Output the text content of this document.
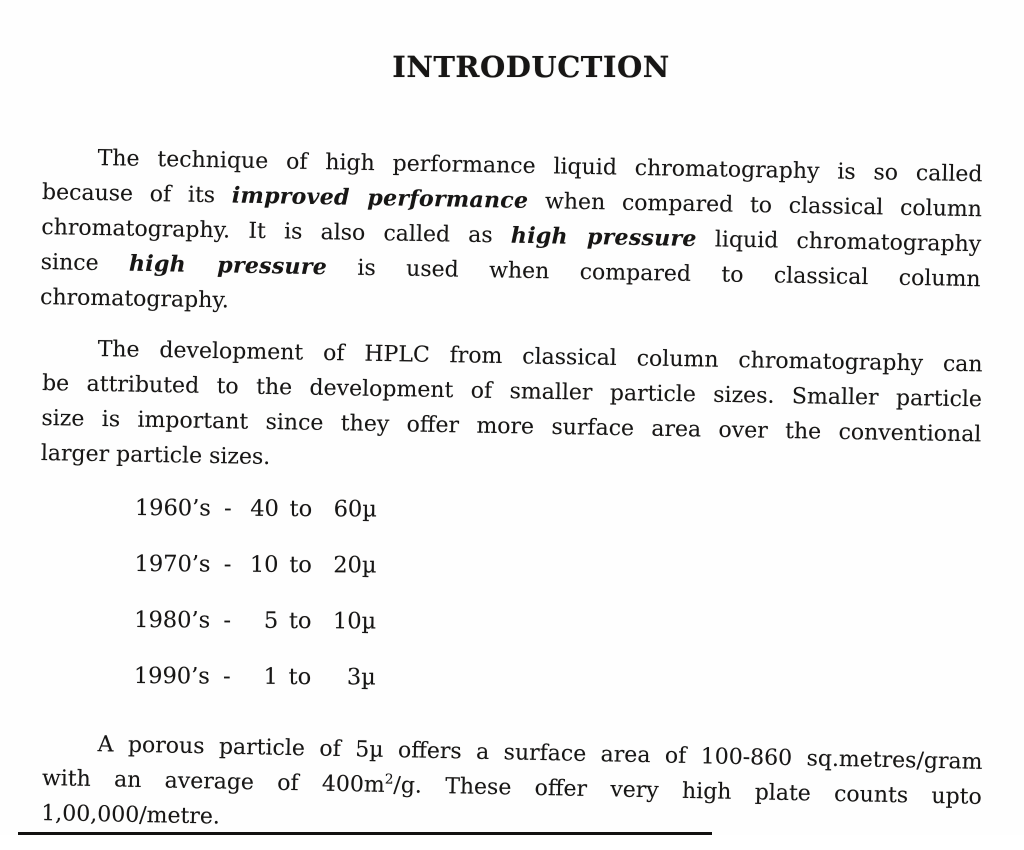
INTRODUCTION
The technique of high performance liquid chromatography is so called
because of its improved performance when compared to classical column
chromatography. It is also called as high pressure liquid chromatography
since high pressure is used when compared to classical column
chromatography.
The development of HPLC from classical column chromatography can
be attributed to the development of smaller particle sizes. Smaller particle
size is important since they offer more surface area over the conventional
larger particle sizes.
1960’s - 40 to 60µ
1970’s - 10 to 20µ
1980’s - 5 to 10µ
1990’s - 1 to 3µ
A porous particle of 5µ offers a surface area of 100-860 sq.metres/gram
with an average of $400m^2/g$. These offer very high plate counts upto
1,00,000/metre.
